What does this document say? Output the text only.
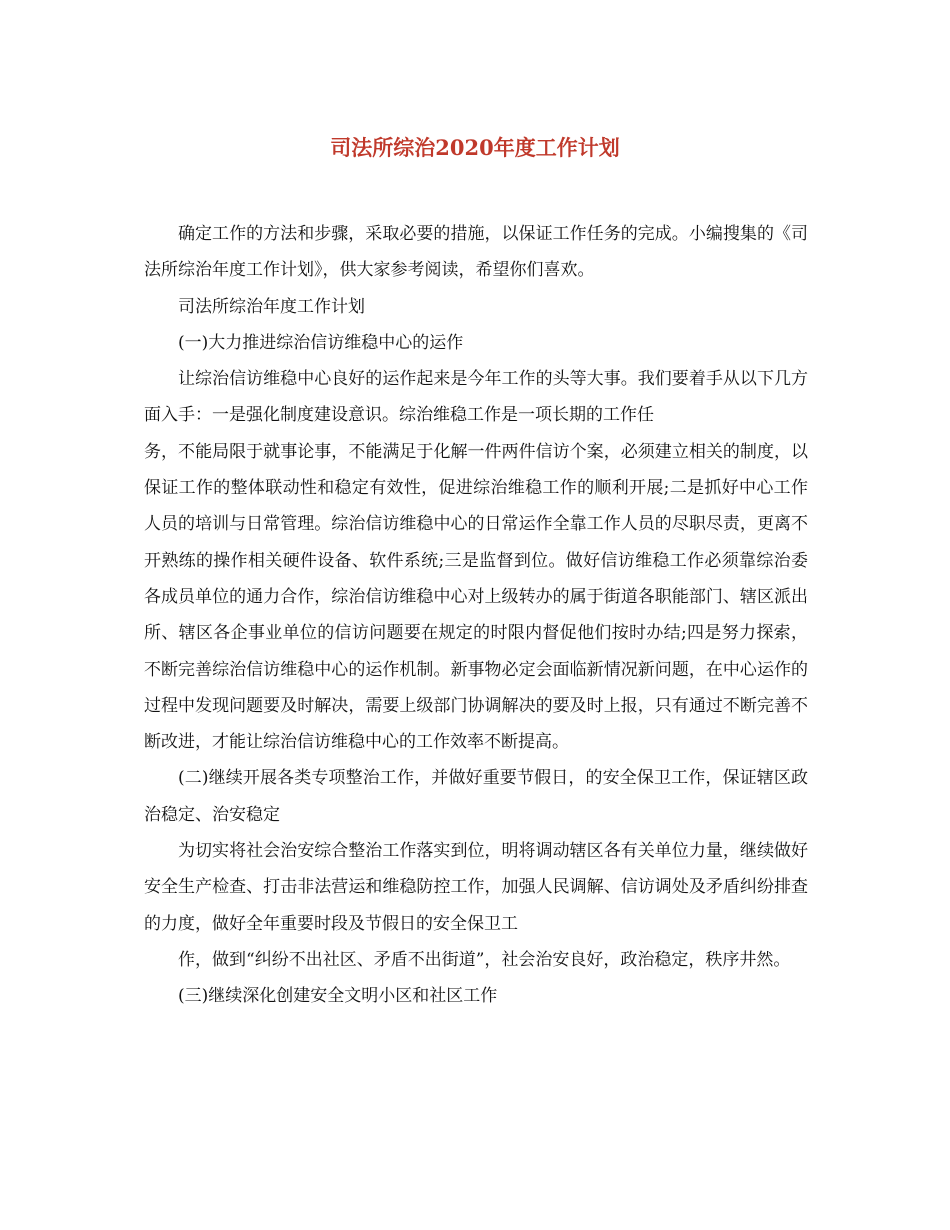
司法所综治2020年度工作计划

确定工作的方法和步骤，采取必要的措施，以保证工作任务的完成。小编搜集的《司法所综治年度工作计划》，供大家参考阅读，希望你们喜欢。

司法所综治年度工作计划

(一)大力推进综治信访维稳中心的运作

让综治信访维稳中心良好的运作起来是今年工作的头等大事。我们要着手从以下几方面入手：一是强化制度建设意识。综治维稳工作是一项长期的工作任

务，不能局限于就事论事，不能满足于化解一件两件信访个案，必须建立相关的制度，以保证工作的整体联动性和稳定有效性，促进综治维稳工作的顺利开展;二是抓好中心工作人员的培训与日常管理。综治信访维稳中心的日常运作全靠工作人员的尽职尽责，更离不开熟练的操作相关硬件设备、软件系统;三是监督到位。做好信访维稳工作必须靠综治委各成员单位的通力合作，综治信访维稳中心对上级转办的属于街道各职能部门、辖区派出所、辖区各企事业单位的信访问题要在规定的时限内督促他们按时办结;四是努力探索，不断完善综治信访维稳中心的运作机制。新事物必定会面临新情况新问题，在中心运作的过程中发现问题要及时解决，需要上级部门协调解决的要及时上报，只有通过不断完善不断改进，才能让综治信访维稳中心的工作效率不断提高。

(二)继续开展各类专项整治工作，并做好重要节假日，的安全保卫工作，保证辖区政治稳定、治安稳定

为切实将社会治安综合整治工作落实到位，明将调动辖区各有关单位力量，继续做好安全生产检查、打击非法营运和维稳防控工作，加强人民调解、信访调处及矛盾纠纷排查的力度，做好全年重要时段及节假日的安全保卫工

作，做到“纠纷不出社区、矛盾不出街道”，社会治安良好，政治稳定，秩序井然。

(三)继续深化创建安全文明小区和社区工作
